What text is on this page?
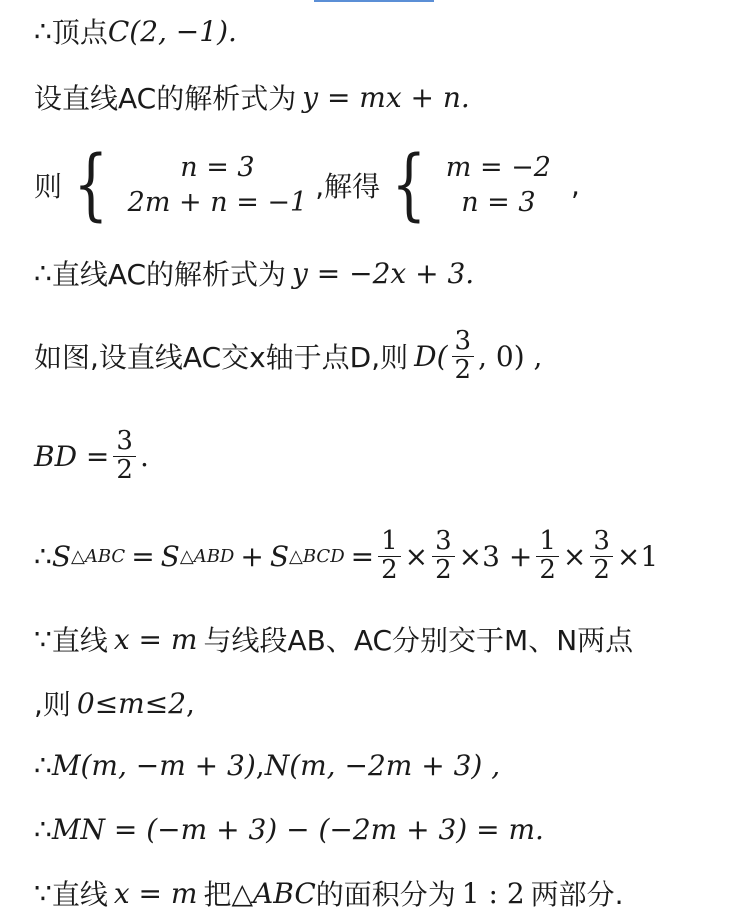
∴ 顶点 C(2, −1).
设直线AC的解析式为 y = mx + n.
则 {	n = 3
2m + n = −1 ,解得 { m = −2
n = 3
,
∴ 直线AC的解析式为 y = −2x + 3.
如图,设直线AC交x轴于点D,则 $D( \frac{3}{2}$ , 0) ,
BD = $\frac{3}{2}$ .
∴ S △ABC = S △ABD + S △BCD = $\frac{1}{2} \times \frac{3}{2} \times 3 + \frac{1}{2} \times \frac{3}{2} \times 1$
∵ 直线 x = m 与线段AB、AC分别交于M、N两点
,则 0≤m≤2 ,
∴ M(m, −m + 3) , N(m, −2m + 3) ,
∴ MN = (−m + 3) − (−2m + 3) = m.
∵ 直线 x = m 把 △ABC 的面积分为 1 : 2 两部分.
